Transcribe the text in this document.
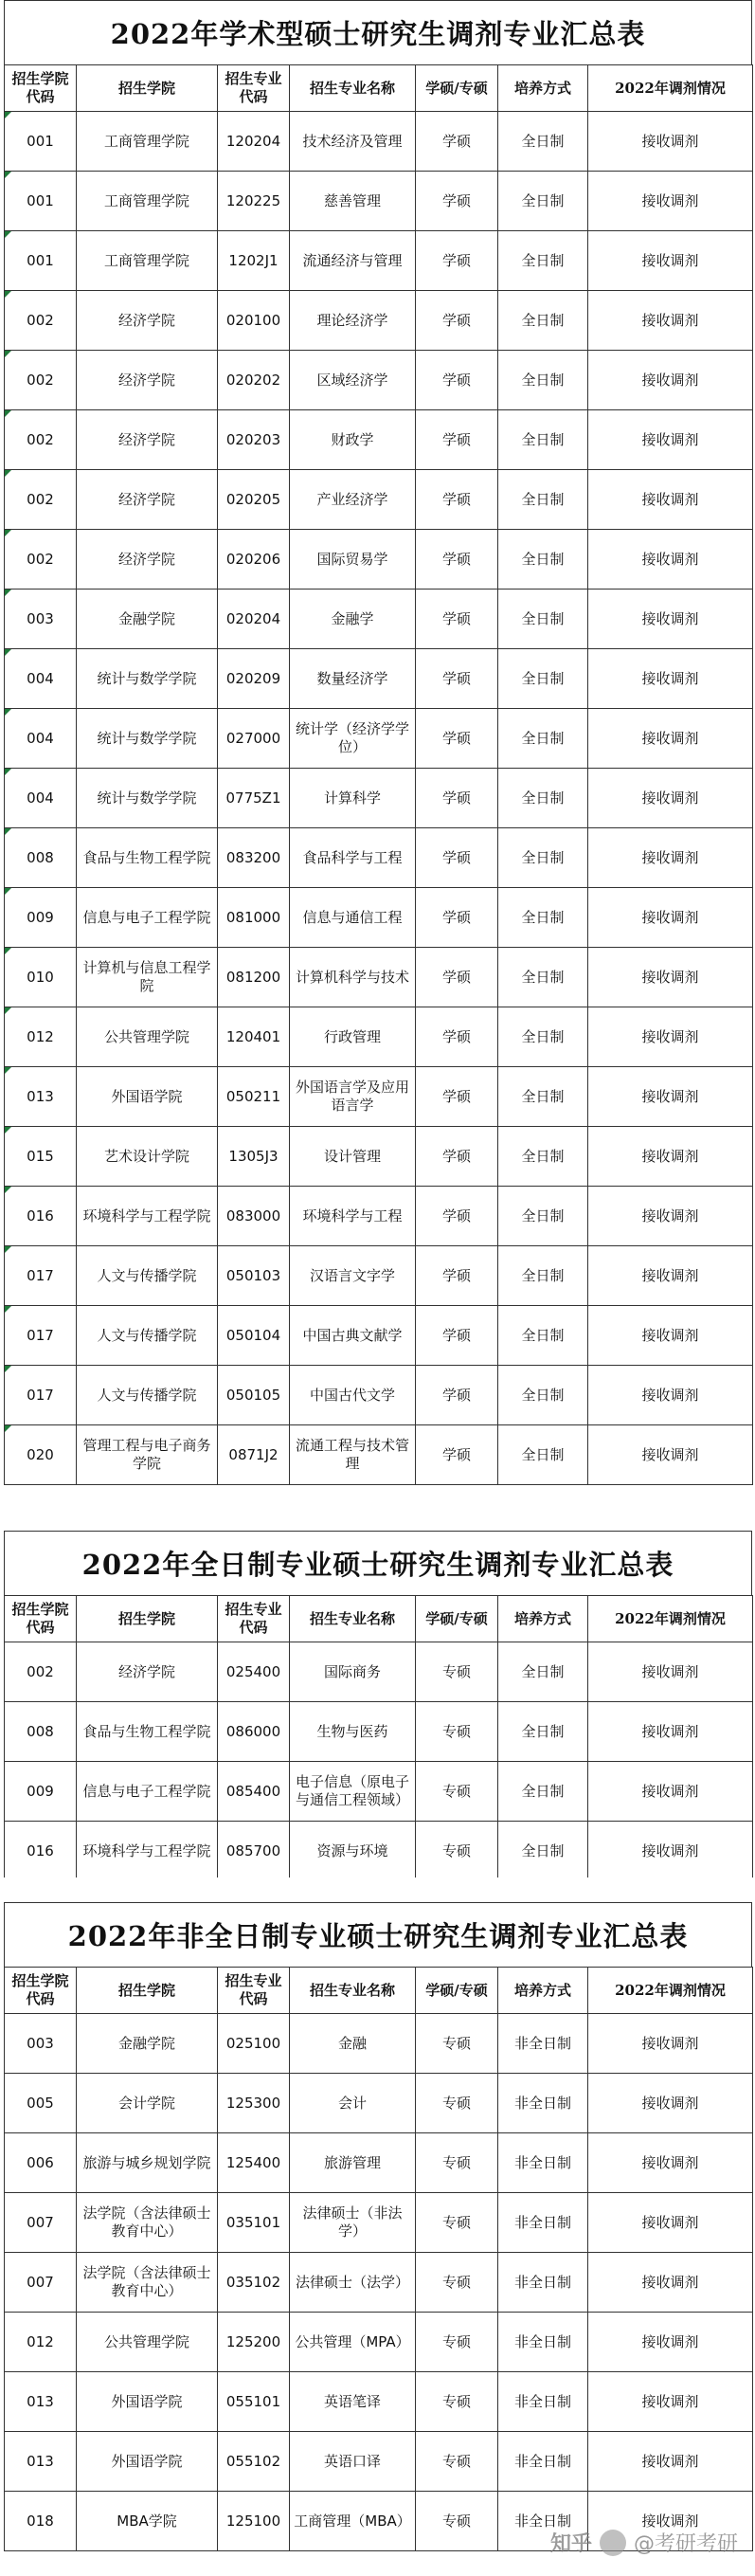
2022年学术型硕士研究生调剂专业汇总表
招生学院代码	招生学院	招生专业代码	招生专业名称	学硕/专硕	培养方式	2022年调剂情况
001	工商管理学院	120204	技术经济及管理	学硕	全日制	接收调剂
001	工商管理学院	120225	慈善管理	学硕	全日制	接收调剂
001	工商管理学院	1202J1	流通经济与管理	学硕	全日制	接收调剂
002	经济学院	020100	理论经济学	学硕	全日制	接收调剂
002	经济学院	020202	区域经济学	学硕	全日制	接收调剂
002	经济学院	020203	财政学	学硕	全日制	接收调剂
002	经济学院	020205	产业经济学	学硕	全日制	接收调剂
002	经济学院	020206	国际贸易学	学硕	全日制	接收调剂
003	金融学院	020204	金融学	学硕	全日制	接收调剂
004	统计与数学学院	020209	数量经济学	学硕	全日制	接收调剂
004	统计与数学学院	027000	统计学（经济学学位）	学硕	全日制	接收调剂
004	统计与数学学院	0775Z1	计算科学	学硕	全日制	接收调剂
008	食品与生物工程学院	083200	食品科学与工程	学硕	全日制	接收调剂
009	信息与电子工程学院	081000	信息与通信工程	学硕	全日制	接收调剂
010	计算机与信息工程学院	081200	计算机科学与技术	学硕	全日制	接收调剂
012	公共管理学院	120401	行政管理	学硕	全日制	接收调剂
013	外国语学院	050211	外国语言学及应用语言学	学硕	全日制	接收调剂
015	艺术设计学院	1305J3	设计管理	学硕	全日制	接收调剂
016	环境科学与工程学院	083000	环境科学与工程	学硕	全日制	接收调剂
017	人文与传播学院	050103	汉语言文字学	学硕	全日制	接收调剂
017	人文与传播学院	050104	中国古典文献学	学硕	全日制	接收调剂
017	人文与传播学院	050105	中国古代文学	学硕	全日制	接收调剂
020	管理工程与电子商务学院	0871J2	流通工程与技术管理	学硕	全日制	接收调剂
2022年全日制专业硕士研究生调剂专业汇总表
招生学院代码	招生学院	招生专业代码	招生专业名称	学硕/专硕	培养方式	2022年调剂情况
002	经济学院	025400	国际商务	专硕	全日制	接收调剂
008	食品与生物工程学院	086000	生物与医药	专硕	全日制	接收调剂
009	信息与电子工程学院	085400	电子信息（原电子与通信工程领域）	专硕	全日制	接收调剂
016	环境科学与工程学院	085700	资源与环境	专硕	全日制	接收调剂
2022年非全日制专业硕士研究生调剂专业汇总表
招生学院代码	招生学院	招生专业代码	招生专业名称	学硕/专硕	培养方式	2022年调剂情况
003	金融学院	025100	金融	专硕	非全日制	接收调剂
005	会计学院	125300	会计	专硕	非全日制	接收调剂
006	旅游与城乡规划学院	125400	旅游管理	专硕	非全日制	接收调剂
007	法学院（含法律硕士教育中心）	035101	法律硕士（非法学）	专硕	非全日制	接收调剂
007	法学院（含法律硕士教育中心）	035102	法律硕士（法学）	专硕	非全日制	接收调剂
012	公共管理学院	125200	公共管理（MPA）	专硕	非全日制	接收调剂
013	外国语学院	055101	英语笔译	专硕	非全日制	接收调剂
013	外国语学院	055102	英语口译	专硕	非全日制	接收调剂
018	MBA学院	125100	工商管理（MBA）	专硕	非全日制	接收调剂
知乎 @考研考研
